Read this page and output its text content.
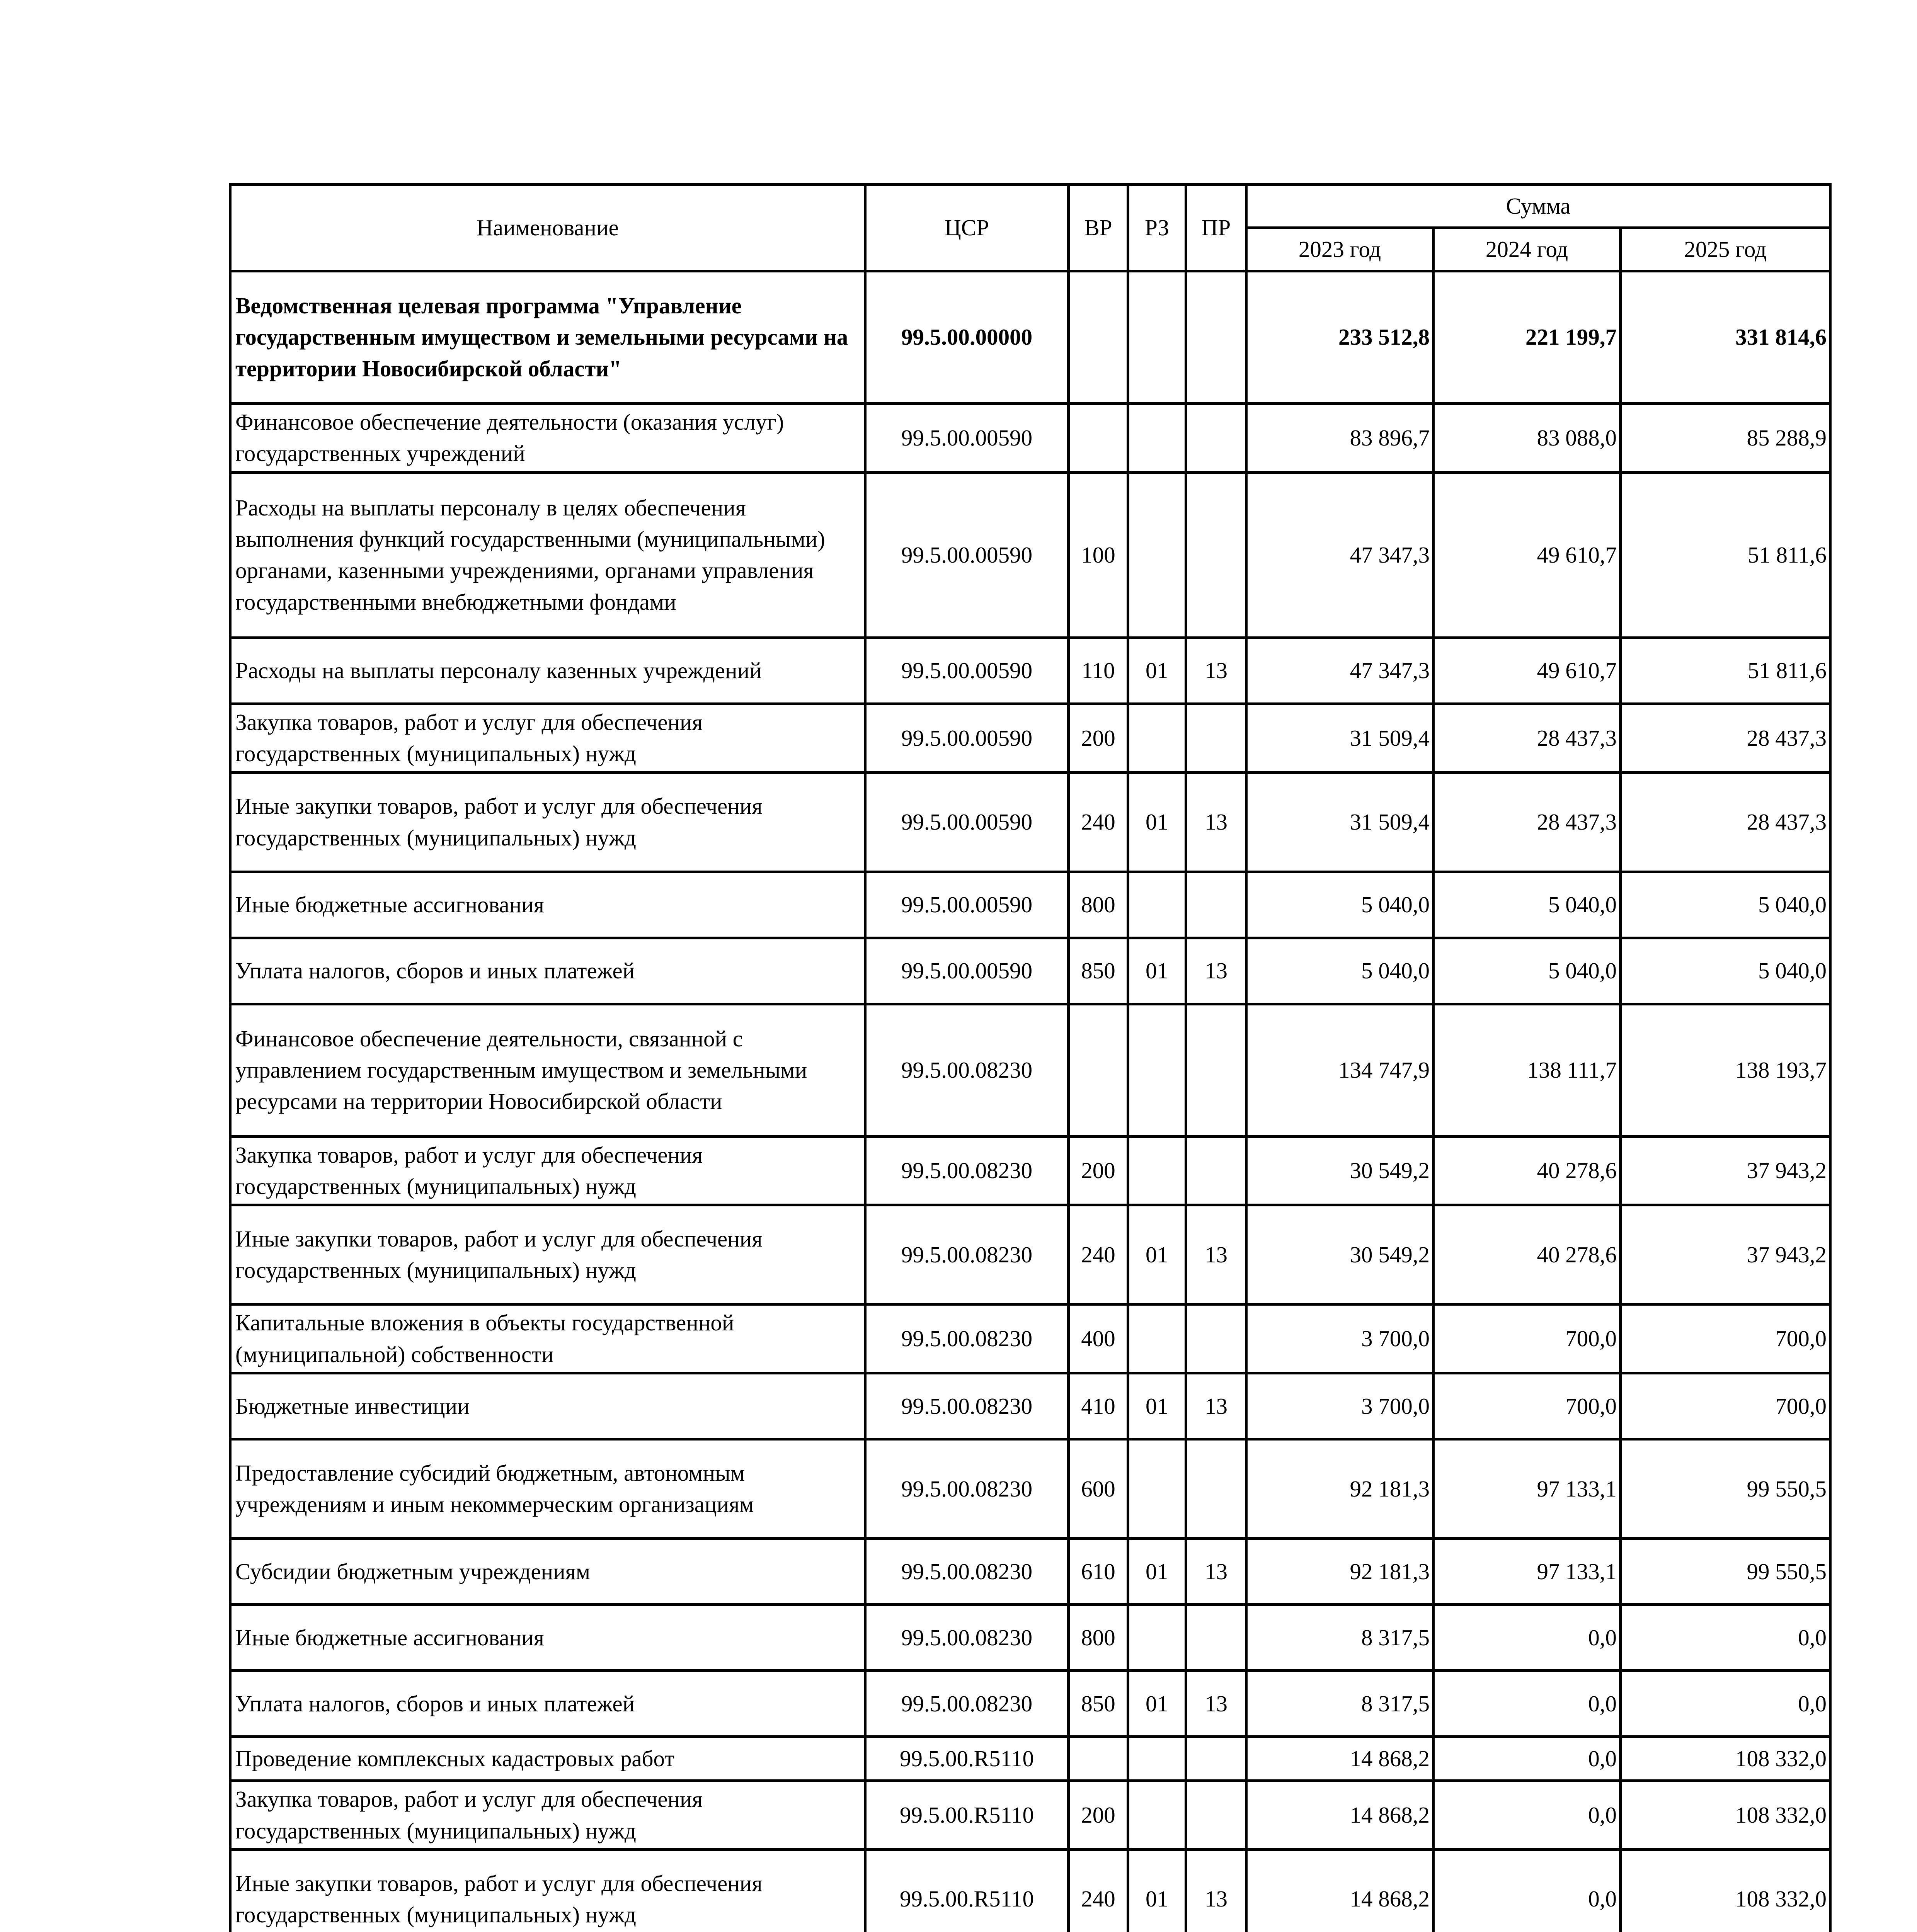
Наименование	ЦСР	ВР	РЗ	ПР	Сумма		
					2023 год	2024 год	2025 год
Ведомственная целевая программа "Управление государственным имуществом и земельными ресурсами на территории Новосибирской области"	99.5.00.00000				233 512,8	221 199,7	331 814,6
Финансовое обеспечение деятельности (оказания услуг) государственных учреждений	99.5.00.00590				83 896,7	83 088,0	85 288,9
Расходы на выплаты персоналу в целях обеспечения выполнения функций государственными (муниципальными) органами, казенными учреждениями, органами управления государственными внебюджетными фондами	99.5.00.00590	100			47 347,3	49 610,7	51 811,6
Расходы на выплаты персоналу казенных учреждений	99.5.00.00590	110	01	13	47 347,3	49 610,7	51 811,6
Закупка товаров, работ и услуг для обеспечения государственных (муниципальных) нужд	99.5.00.00590	200			31 509,4	28 437,3	28 437,3
Иные закупки товаров, работ и услуг для обеспечения государственных (муниципальных) нужд	99.5.00.00590	240	01	13	31 509,4	28 437,3	28 437,3
Иные бюджетные ассигнования	99.5.00.00590	800			5 040,0	5 040,0	5 040,0
Уплата налогов, сборов и иных платежей	99.5.00.00590	850	01	13	5 040,0	5 040,0	5 040,0
Финансовое обеспечение деятельности, связанной с управлением государственным имуществом и земельными ресурсами на территории Новосибирской области	99.5.00.08230				134 747,9	138 111,7	138 193,7
Закупка товаров, работ и услуг для обеспечения государственных (муниципальных) нужд	99.5.00.08230	200			30 549,2	40 278,6	37 943,2
Иные закупки товаров, работ и услуг для обеспечения государственных (муниципальных) нужд	99.5.00.08230	240	01	13	30 549,2	40 278,6	37 943,2
Капитальные вложения в объекты государственной (муниципальной) собственности	99.5.00.08230	400			3 700,0	700,0	700,0
Бюджетные инвестиции	99.5.00.08230	410	01	13	3 700,0	700,0	700,0
Предоставление субсидий бюджетным, автономным учреждениям и иным некоммерческим организациям	99.5.00.08230	600			92 181,3	97 133,1	99 550,5
Субсидии бюджетным учреждениям	99.5.00.08230	610	01	13	92 181,3	97 133,1	99 550,5
Иные бюджетные ассигнования	99.5.00.08230	800			8 317,5	0,0	0,0
Уплата налогов, сборов и иных платежей	99.5.00.08230	850	01	13	8 317,5	0,0	0,0
Проведение комплексных кадастровых работ	99.5.00.R5110				14 868,2	0,0	108 332,0
Закупка товаров, работ и услуг для обеспечения государственных (муниципальных) нужд	99.5.00.R5110	200			14 868,2	0,0	108 332,0
Иные закупки товаров, работ и услуг для обеспечения государственных (муниципальных) нужд	99.5.00.R5110	240	01	13	14 868,2	0,0	108 332,0
